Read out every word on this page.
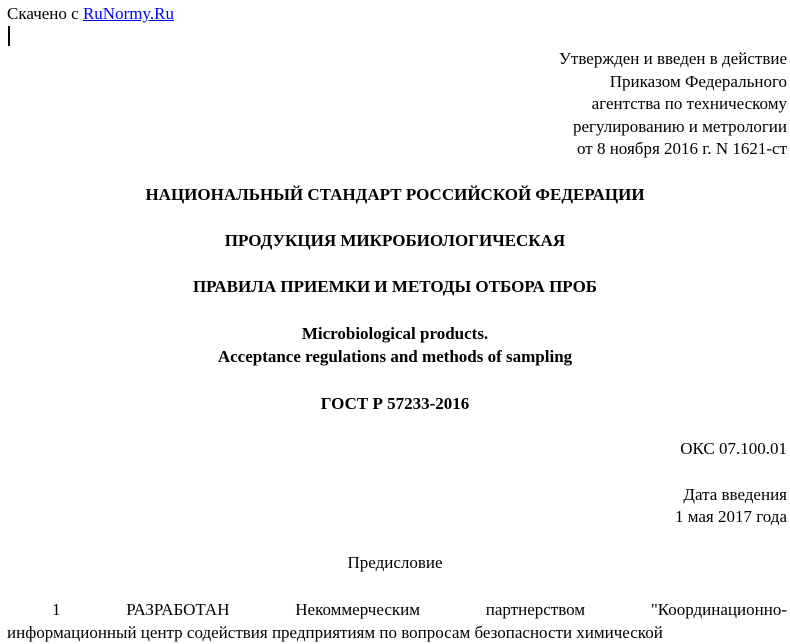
Скачено с RuNormy.Ru
Утвержден и введен в действие
Приказом Федерального
агентства по техническому
регулированию и метрологии
от 8 ноября 2016 г. N 1621-ст
НАЦИОНАЛЬНЫЙ СТАНДАРТ РОССИЙСКОЙ ФЕДЕРАЦИИ
ПРОДУКЦИЯ МИКРОБИОЛОГИЧЕСКАЯ
ПРАВИЛА ПРИЕМКИ И МЕТОДЫ ОТБОРА ПРОБ
Microbiological products.
Acceptance regulations and methods of sampling
ГОСТ Р 57233-2016
ОКС 07.100.01
Дата введения
1 мая 2017 года
Предисловие
1	РАЗРАБОТАН	Некоммерческим	партнерством	"Координационно-
информационный центр содействия предприятиям по вопросам безопасности химической
